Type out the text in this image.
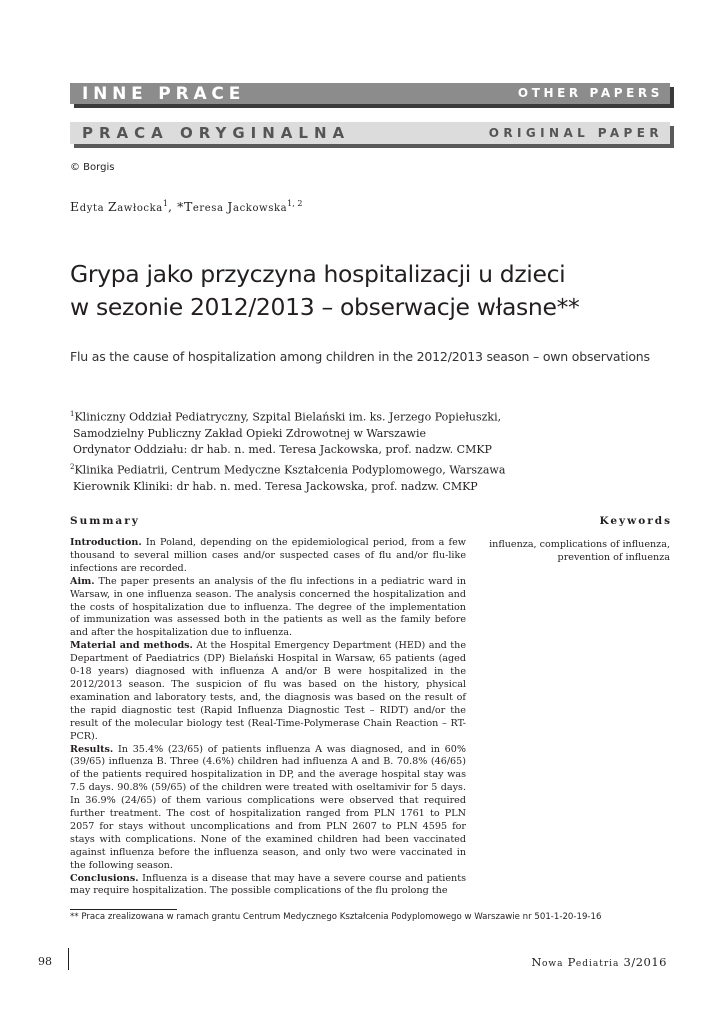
INNE PRACE	OTHER PAPERS
PRACA ORYGINALNA	ORIGINAL PAPER
© Borgis
Edyta Zawłocka$^1$, *Teresa Jackowska$^{1, 2}$
Grypa jako przyczyna hospitalizacji u dzieci
w sezonie 2012/2013 – obserwacje własne**
Flu as the cause of hospitalization among children in the 2012/2013 season – own observations
$^1$Kliniczny Oddział Pediatryczny, Szpital Bielański im. ks. Jerzego Popiełuszki,
Samodzielny Publiczny Zakład Opieki Zdrowotnej w Warszawie
Ordynator Oddziału: dr hab. n. med. Teresa Jackowska, prof. nadzw. CMKP
$^2$Klinika Pediatrii, Centrum Medyczne Kształcenia Podyplomowego, Warszawa
Kierownik Kliniki: dr hab. n. med. Teresa Jackowska, prof. nadzw. CMKP
Summary	Keywords
influenza, complications of influenza,
prevention of influenza

Introduction. In Poland, depending on the epidemiological period, from a few thousand to several million cases and/or suspected cases of flu and/or flu-like infections are recorded.

Aim. The paper presents an analysis of the flu infections in a pediatric ward in Warsaw, in one influenza season. The analysis concerned the hospitalization and the costs of hospitalization due to influenza. The degree of the implementation of immunization was assessed both in the patients as well as the family before and after the hospitalization due to influenza.

Material and methods. At the Hospital Emergency Department (HED) and the Department of Paediatrics (DP) Bielański Hospital in Warsaw, 65 patients (aged 0-18 years) diagnosed with influenza A and/or B were hospitalized in the 2012/2013 season. The suspicion of flu was based on the history, physical examination and laboratory tests, and, the diagnosis was based on the result of the rapid diagnostic test (Rapid Influenza Diagnostic Test – RIDT) and/or the result of the molecular biology test (Real-Time-Polymerase Chain Reaction – RT-PCR).

Results. In 35.4% (23/65) of patients influenza A was diagnosed, and in 60% (39/65) influenza B. Three (4.6%) children had influenza A and B. 70.8% (46/65) of the patients required hospitalization in DP, and the average hospital stay was 7.5 days. 90.8% (59/65) of the children were treated with oseltamivir for 5 days. In 36.9% (24/65) of them various complications were observed that required further treatment. The cost of hospitalization ranged from PLN 1761 to PLN 2057 for stays without uncomplications and from PLN 2607 to PLN 4595 for stays with complications. None of the examined children had been vaccinated against influenza before the influenza season, and only two were vaccinated in the following season.

Conclusions. Influenza is a disease that may have a severe course and patients may require hospitalization. The possible complications of the flu prolong the

** Praca zrealizowana w ramach grantu Centrum Medycznego Kształcenia Podyplomowego w Warszawie nr 501-1-20-19-16
98	Nowa Pediatria 3/2016
